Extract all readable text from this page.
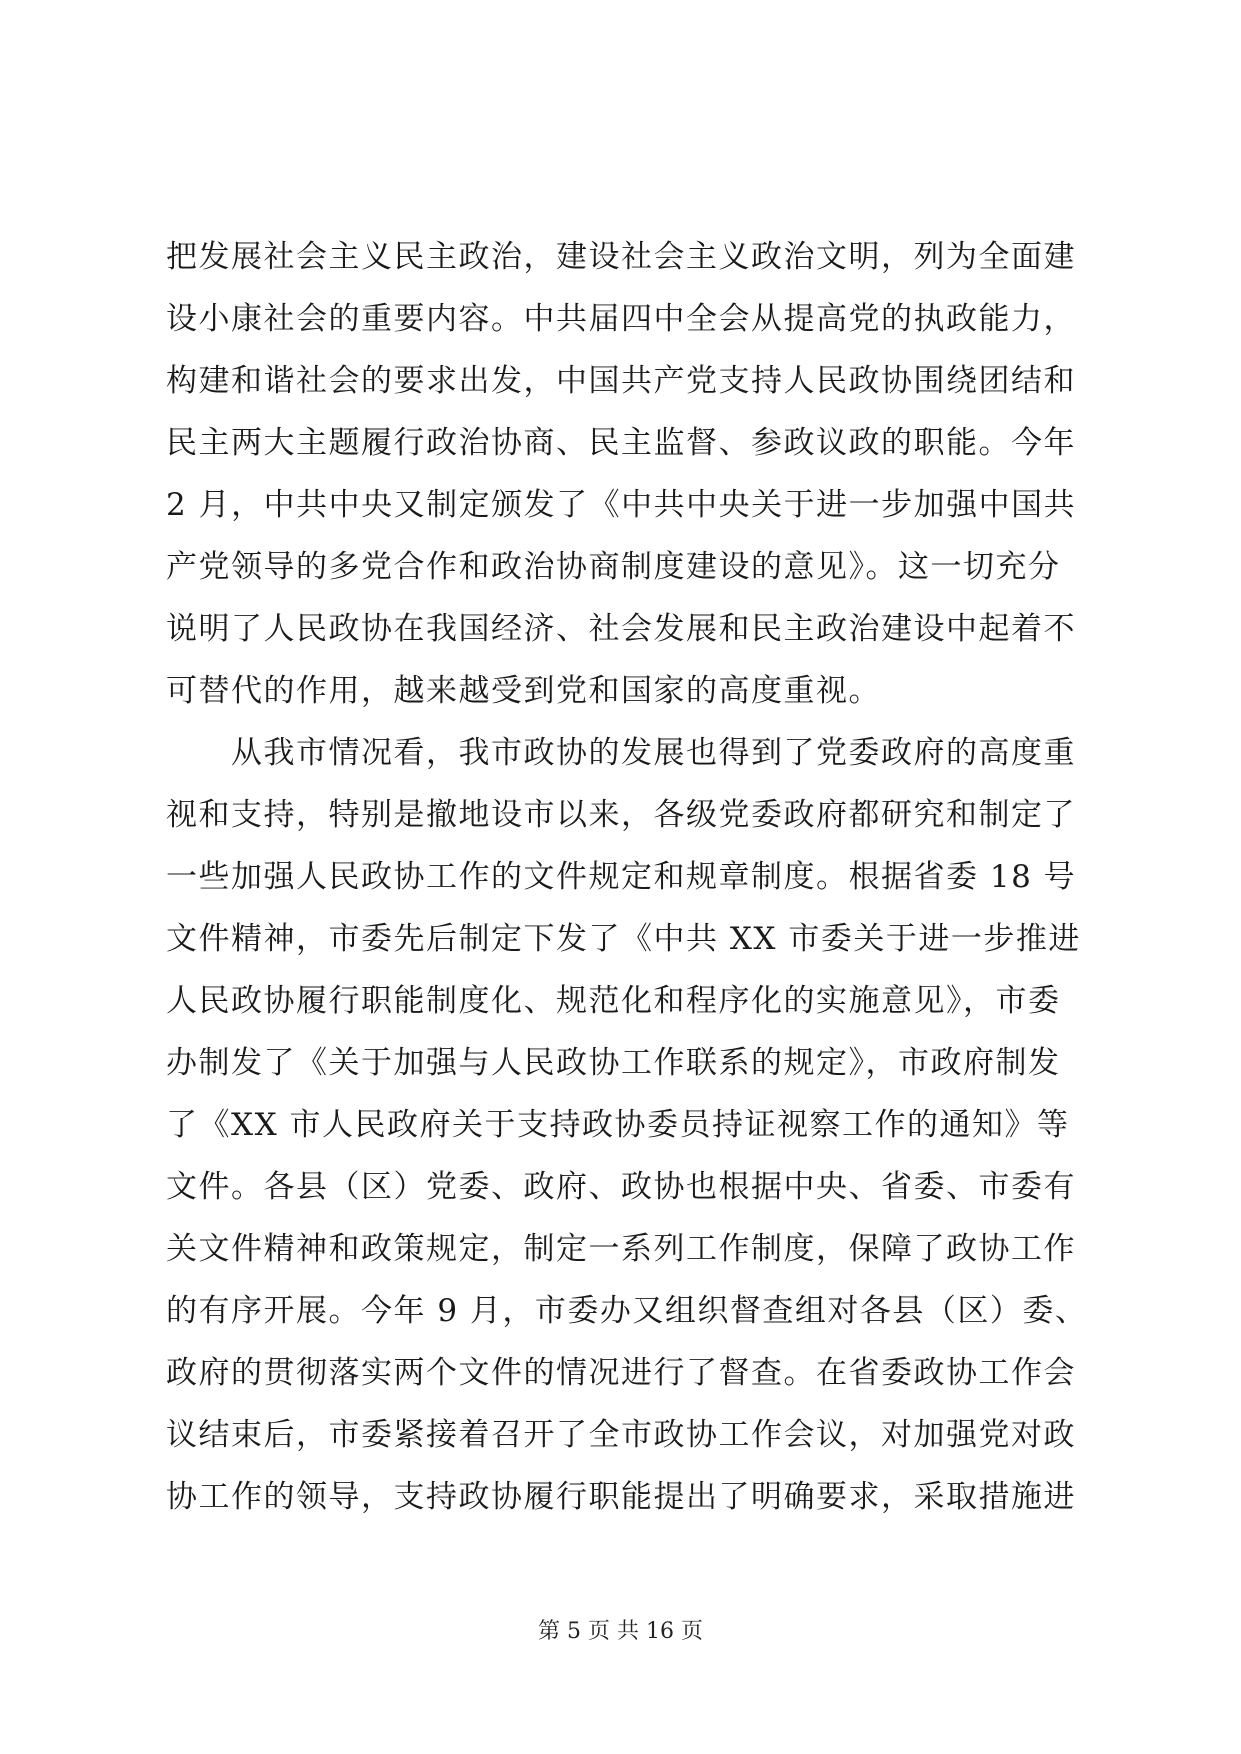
把发展社会主义民主政治，建设社会主义政治文明，列为全面建
设小康社会的重要内容。中共届四中全会从提高党的执政能力，
构建和谐社会的要求出发，中国共产党支持人民政协围绕团结和
民主两大主题履行政治协商、民主监督、参政议政的职能。今年
2 月，中共中央又制定颁发了《中共中央关于进一步加强中国共
产党领导的多党合作和政治协商制度建设的意见》。这一切充分
说明了人民政协在我国经济、社会发展和民主政治建设中起着不
可替代的作用，越来越受到党和国家的高度重视。
　　从我市情况看，我市政协的发展也得到了党委政府的高度重
视和支持，特别是撤地设市以来，各级党委政府都研究和制定了
一些加强人民政协工作的文件规定和规章制度。根据省委 18 号
文件精神，市委先后制定下发了《中共 XX 市委关于进一步推进
人民政协履行职能制度化、规范化和程序化的实施意见》，市委
办制发了《关于加强与人民政协工作联系的规定》，市政府制发
了《XX 市人民政府关于支持政协委员持证视察工作的通知》等
文件。各县（区）党委、政府、政协也根据中央、省委、市委有
关文件精神和政策规定，制定一系列工作制度，保障了政协工作
的有序开展。今年 9 月，市委办又组织督查组对各县（区）委、
政府的贯彻落实两个文件的情况进行了督查。在省委政协工作会
议结束后，市委紧接着召开了全市政协工作会议，对加强党对政
协工作的领导，支持政协履行职能提出了明确要求，采取措施进
第 5 页 共 16 页
